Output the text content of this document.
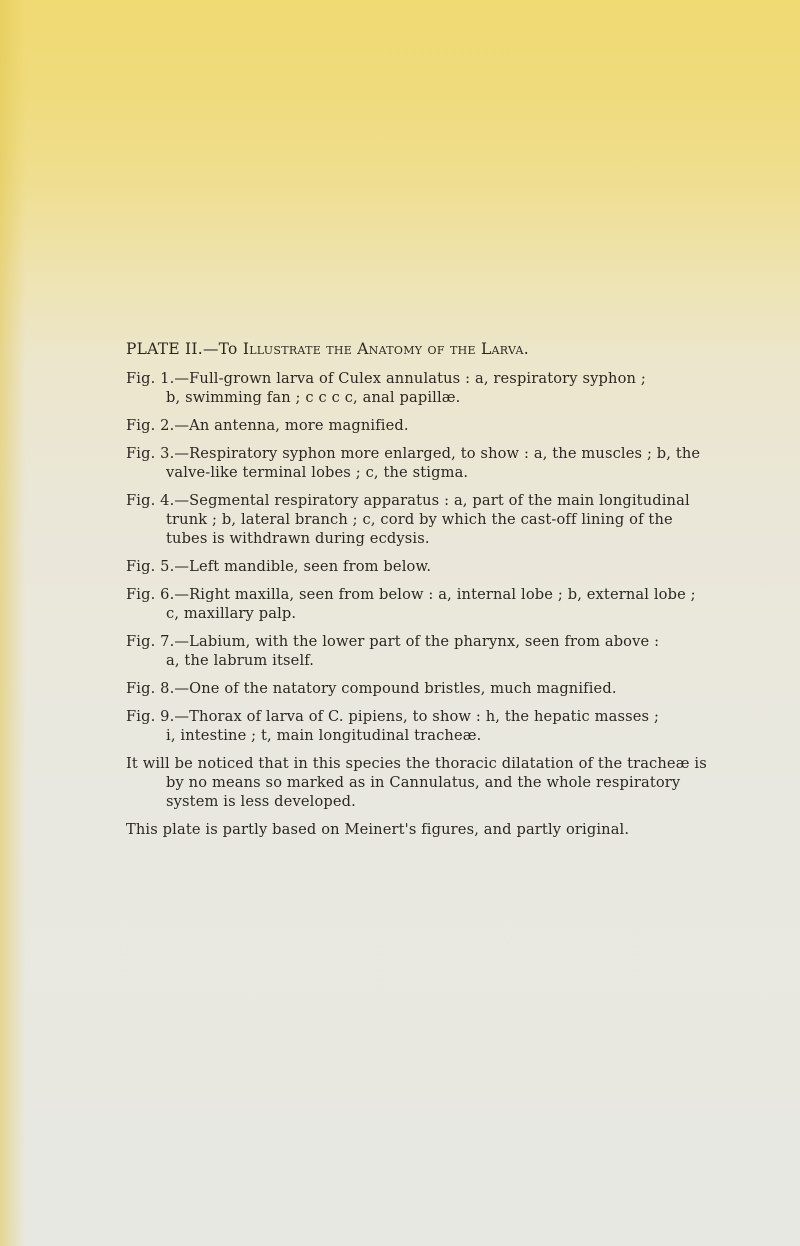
PLATE II.—To Illustrate the Anatomy of the Larva.
Fig. 1.—Full-grown larva of Culex annulatus : a, respiratory syphon ;
b, swimming fan ; c c c c, anal papillæ.
Fig. 2.—An antenna, more magnified.
Fig. 3.—Respiratory syphon more enlarged, to show : a, the muscles ; b, the
valve-like terminal lobes ; c, the stigma.
Fig. 4.—Segmental respiratory apparatus : a, part of the main longitudinal
trunk ; b, lateral branch ; c, cord by which the cast-off lining of the
tubes is withdrawn during ecdysis.
Fig. 5.—Left mandible, seen from below.
Fig. 6.—Right maxilla, seen from below : a, internal lobe ; b, external lobe ;
c, maxillary palp.
Fig. 7.—Labium, with the lower part of the pharynx, seen from above :
a, the labrum itself.
Fig. 8.—One of the natatory compound bristles, much magnified.
Fig. 9.—Thorax of larva of C. pipiens, to show : h, the hepatic masses ;
i, intestine ; t, main longitudinal tracheæ.
It will be noticed that in this species the thoracic dilatation of the tracheæ is
by no means so marked as in Cannulatus, and the whole respiratory
system is less developed.
This plate is partly based on Meinert's figures, and partly original.
